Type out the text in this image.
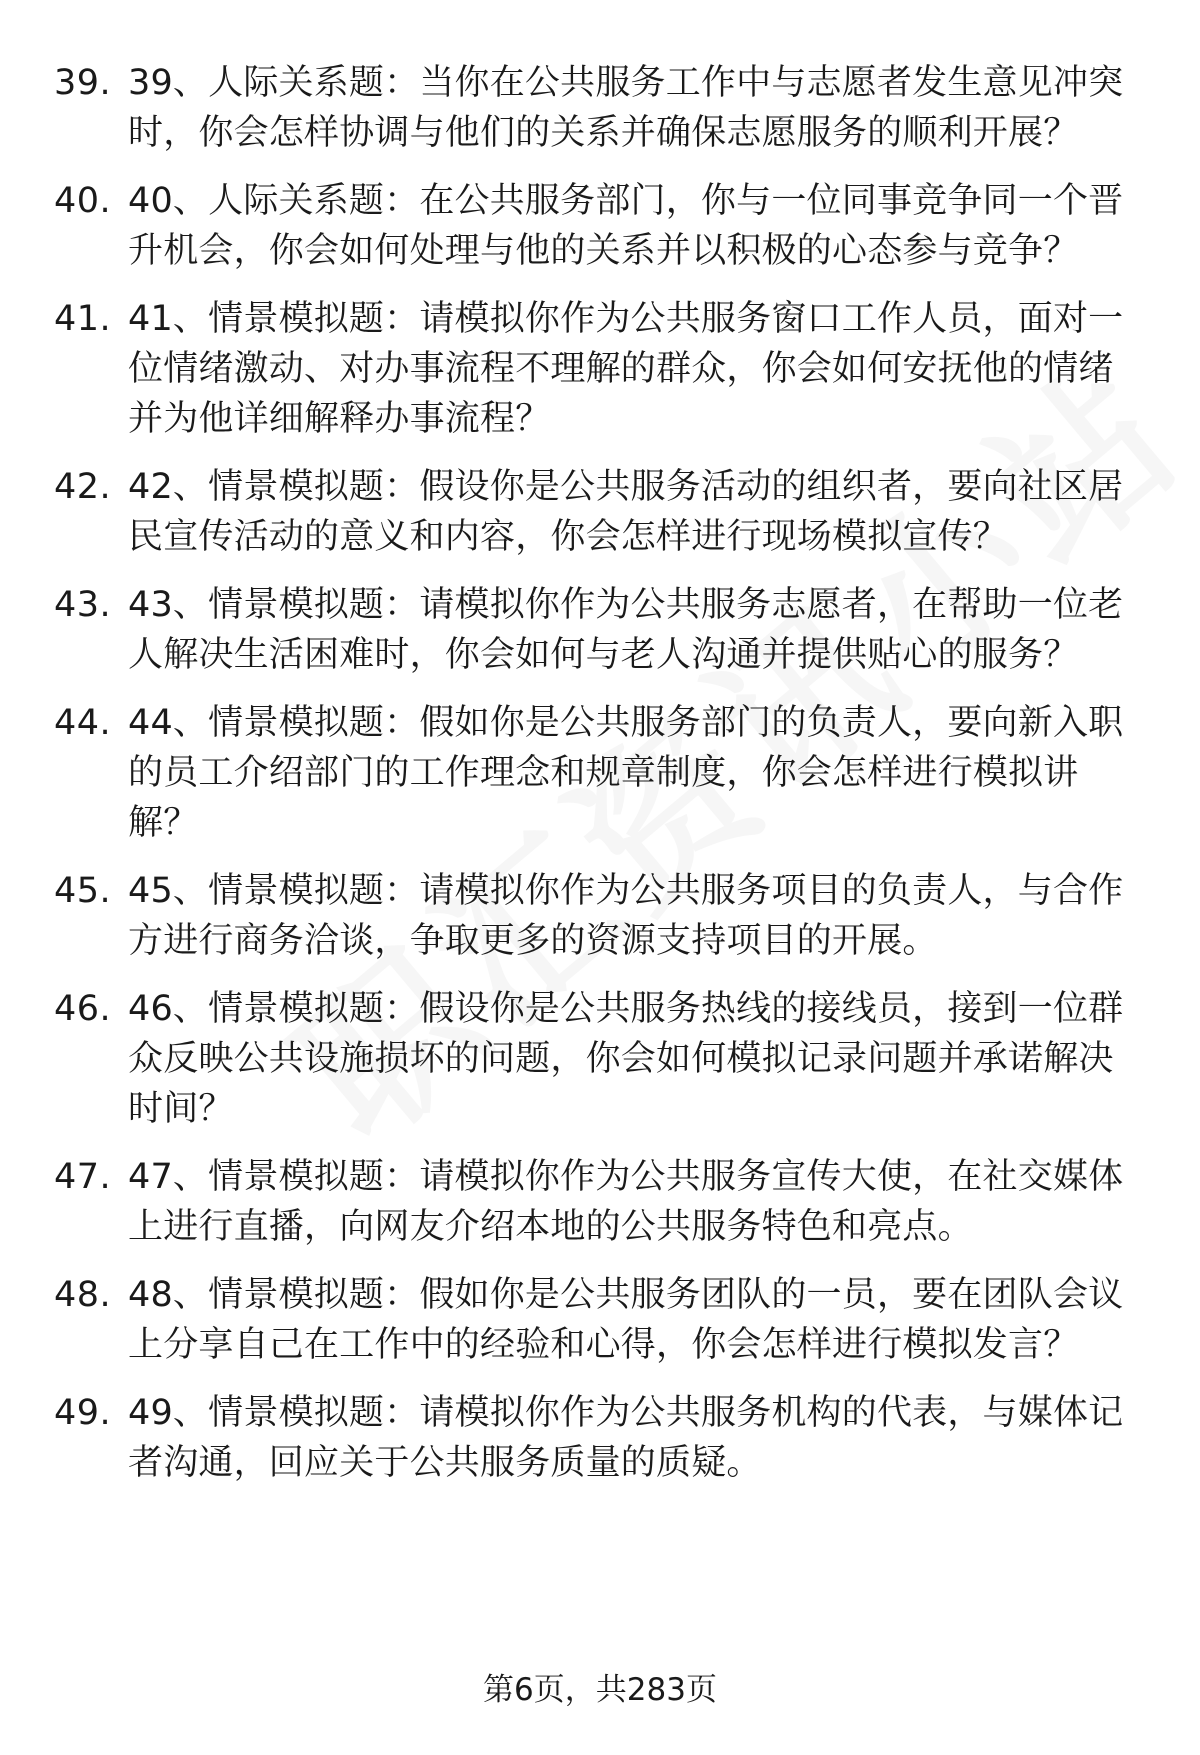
39. 39、人际关系题：当你在公共服务工作中与志愿者发生意见冲突时，你会怎样协调与他们的关系并确保志愿服务的顺利开展？
40. 40、人际关系题：在公共服务部门，你与一位同事竞争同一个晋升机会，你会如何处理与他的关系并以积极的心态参与竞争？
41. 41、情景模拟题：请模拟你作为公共服务窗口工作人员，面对一位情绪激动、对办事流程不理解的群众，你会如何安抚他的情绪并为他详细解释办事流程？
42. 42、情景模拟题：假设你是公共服务活动的组织者，要向社区居民宣传活动的意义和内容，你会怎样进行现场模拟宣传？
43. 43、情景模拟题：请模拟你作为公共服务志愿者，在帮助一位老人解决生活困难时，你会如何与老人沟通并提供贴心的服务？
44. 44、情景模拟题：假如你是公共服务部门的负责人，要向新入职的员工介绍部门的工作理念和规章制度，你会怎样进行模拟讲解？
45. 45、情景模拟题：请模拟你作为公共服务项目的负责人，与合作方进行商务洽谈，争取更多的资源支持项目的开展。
46. 46、情景模拟题：假设你是公共服务热线的接线员，接到一位群众反映公共设施损坏的问题，你会如何模拟记录问题并承诺解决时间？
47. 47、情景模拟题：请模拟你作为公共服务宣传大使，在社交媒体上进行直播，向网友介绍本地的公共服务特色和亮点。
48. 48、情景模拟题：假如你是公共服务团队的一员，要在团队会议上分享自己在工作中的经验和心得，你会怎样进行模拟发言？
49. 49、情景模拟题：请模拟你作为公共服务机构的代表，与媒体记者沟通，回应关于公共服务质量的质疑。
第6页，共283页
